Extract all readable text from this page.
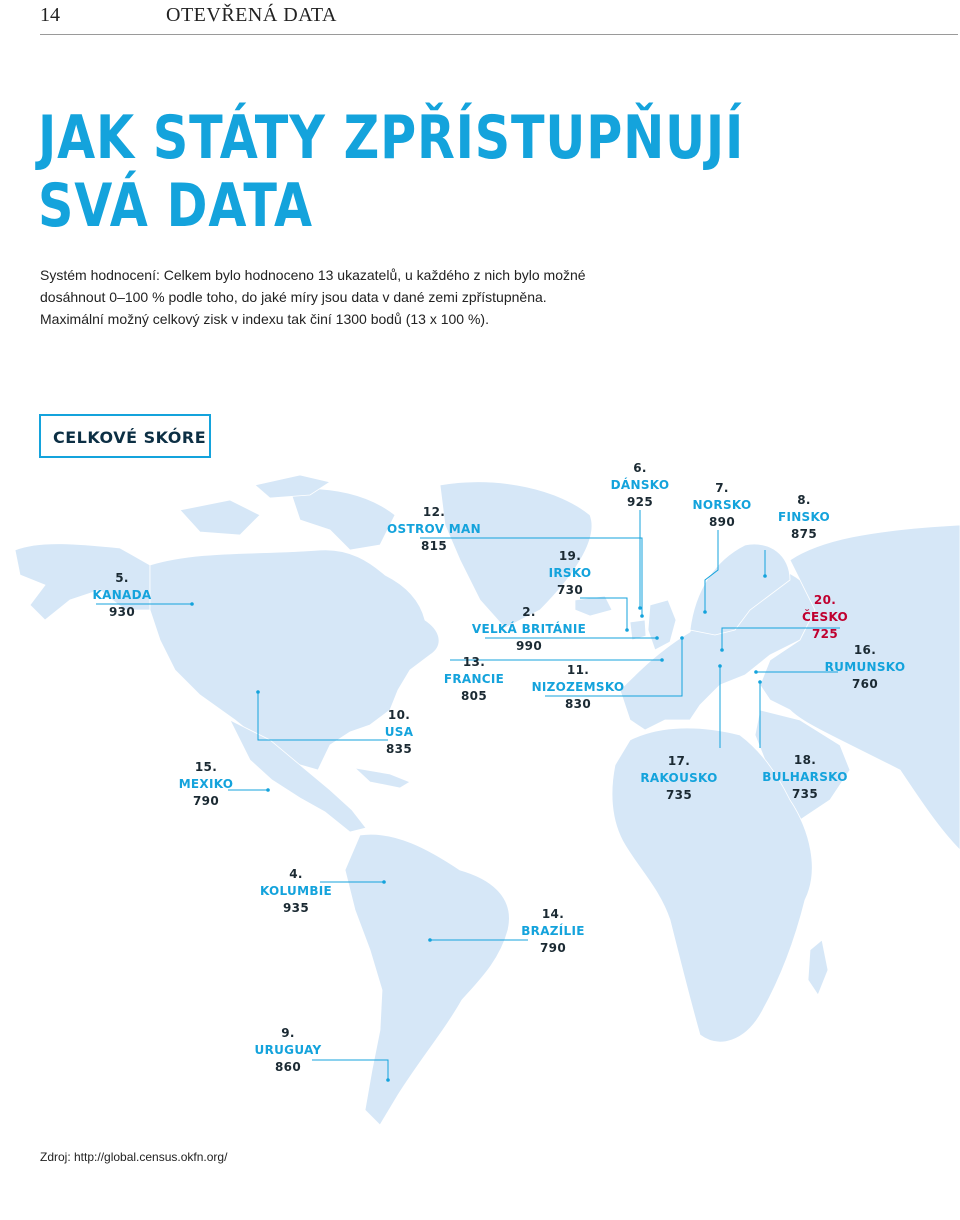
14	OTEVŘENÁ DATA
JAK STÁTY ZPŘÍSTUPŇUJÍ
SVÁ DATA

Systém hodnocení: Celkem bylo hodnoceno 13 ukazatelů, u každého z nich bylo možné
dosáhnout 0–100 % podle toho, do jaké míry jsou data v dané zemi zpřístupněna.
Maximální možný celkový zisk v indexu tak činí 1300 bodů (13 x 100 %).

CELKOVÉ SKÓRE
12.
OSTROV MAN
815
6.
DÁNSKO
925
7.
NORSKO
890
8.
FINSKO
875
5.
KANADA
930
19.
IRSKO
730
2.
VELKÁ BRITÁNIE
990
20.
ČESKO
725
13.
FRANCIE
805
11.
NIZOZEMSKO
830
16.
RUMUNSKO
760
10.
USA
835
15.
MEXIKO
790
17.
RAKOUSKO
735
18.
BULHARSKO
735
4.
KOLUMBIE
935	14.
BRAZÍLIE
790
9.
URUGUAY
860
Zdroj: http://global.census.okfn.org/
